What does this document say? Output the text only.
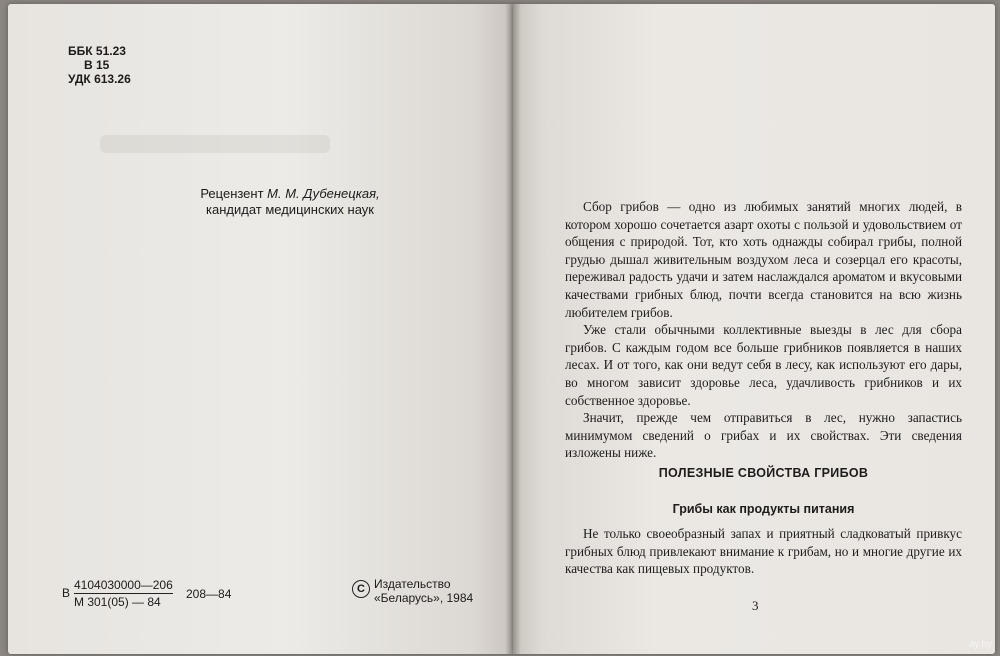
ББК 51.23
В 15
УДК 613.26
Рецензент М. М. Дубенецкая,
кандидат медицинских наук
В
4104030000—206
М 301(05) — 84
208—84	C Издательство
«Беларусь», 1984

Сбор грибов — одно из любимых занятий многих людей, в котором хорошо сочетается азарт охоты с пользой и удовольствием от общения с природой. Тот, кто хоть однажды собирал грибы, полной грудью дышал живительным воздухом леса и созерцал его красоты, переживал радость удачи и затем наслаждался ароматом и вкусовыми качествами грибных блюд, почти всегда становится на всю жизнь любителем грибов.

Уже стали обычными коллективные выезды в лес для сбора грибов. С каждым годом все больше грибников появляется в наших лесах. И от того, как они ведут себя в лесу, как используют его дары, во многом зависит здоровье леса, удачливость грибников и их собственное здоровье.

Значит, прежде чем отправиться в лес, нужно запастись минимумом сведений о грибах и их свойствах. Эти сведения изложены ниже.

ПОЛЕЗНЫЕ СВОЙСТВА ГРИБОВ
Грибы как продукты питания

Не только своеобразный запах и приятный сладковатый привкус грибных блюд привлекают внимание к грибам, но и многие другие их качества как пищевых продуктов.

3
ay.by
